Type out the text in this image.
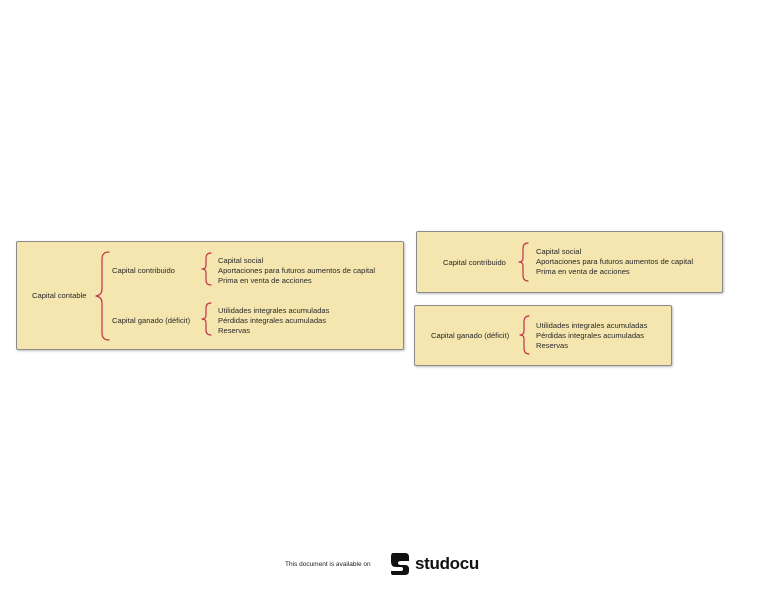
Capital contable
Capital contribuido
Capital social
Aportaciones para futuros aumentos de capital
Prima en venta de acciones
Capital ganado (déficit)
Utilidades integrales acumuladas
Pérdidas integrales acumuladas
Reservas
Capital contribuido
Capital social
Aportaciones para futuros aumentos de capital
Prima en venta de acciones
Capital ganado (déficit)
Utilidades integrales acumuladas
Pérdidas integrales acumuladas
Reservas
This document is available on	studocu
